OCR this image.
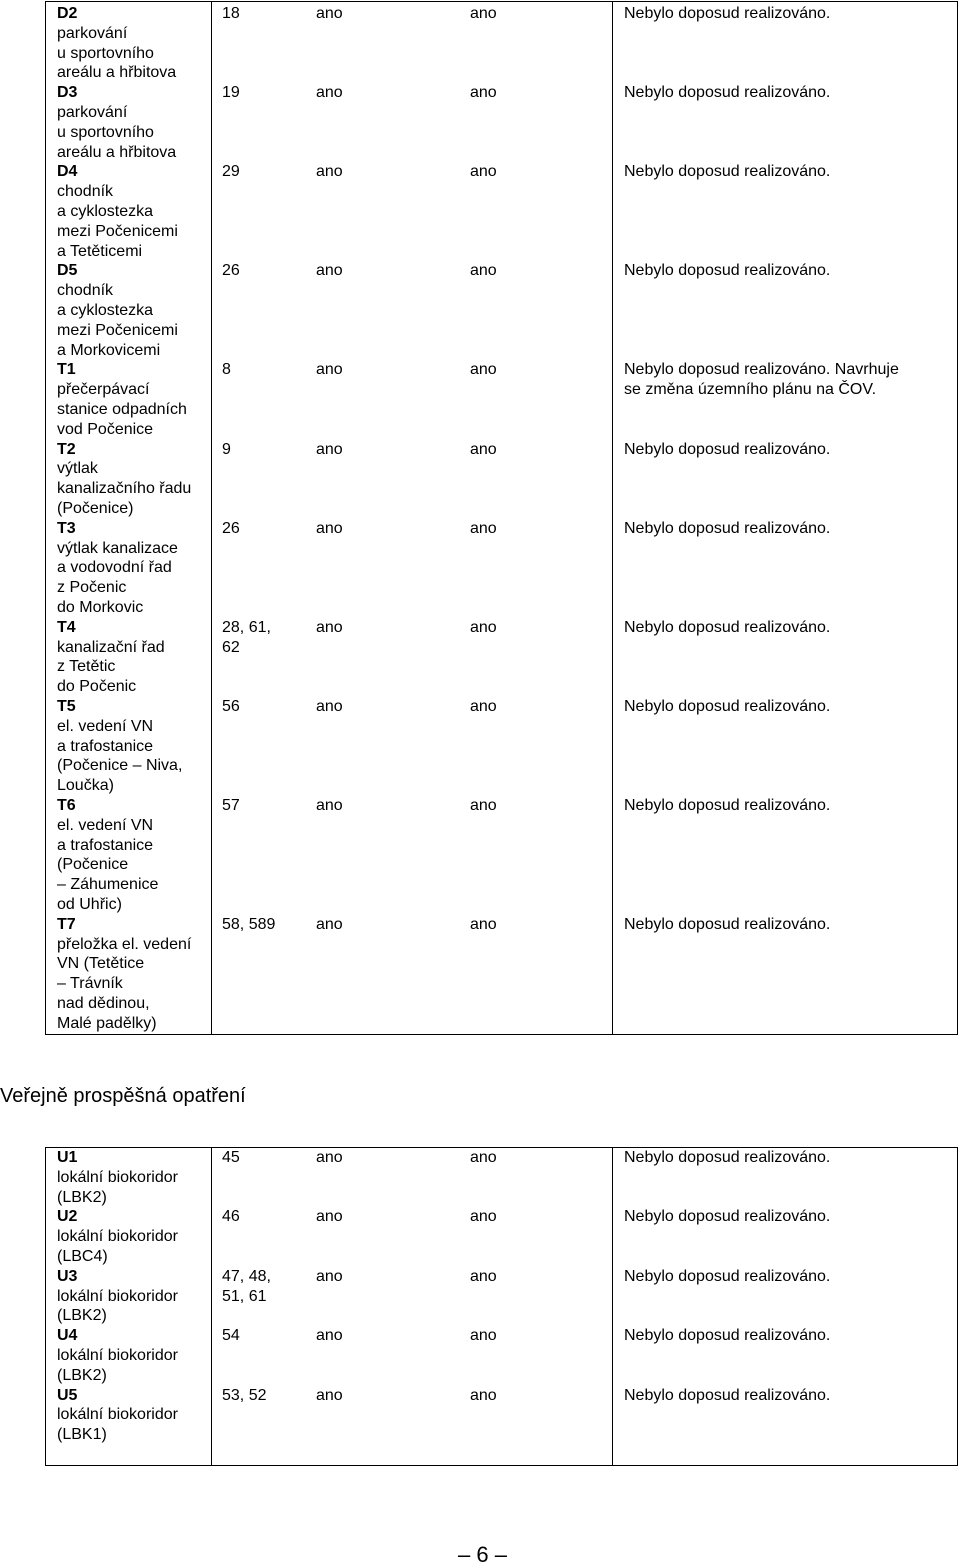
D2
parkování
u sportovního
areálu a hřbitova
18	ano	ano	Nebylo doposud realizováno.
D3
parkování
u sportovního
areálu a hřbitova
19	ano	ano	Nebylo doposud realizováno.
D4
chodník
a cyklostezka
mezi Počenicemi
a Tetěticemi
29	ano	ano	Nebylo doposud realizováno.
D5
chodník
a cyklostezka
mezi Počenicemi
a Morkovicemi
26	ano	ano	Nebylo doposud realizováno.
T1
přečerpávací
stanice odpadních
vod Počenice
8	ano	ano	Nebylo doposud realizováno. Navrhuje
se změna územního plánu na ČOV.
T2
výtlak
kanalizačního řadu
(Počenice)
9	ano	ano	Nebylo doposud realizováno.
T3
výtlak kanalizace
a vodovodní řad
z Počenic
do Morkovic
26	ano	ano	Nebylo doposud realizováno.
T4
kanalizační řad
z Tetětic
do Počenic
28, 61,
62
ano	ano	Nebylo doposud realizováno.
T5
el. vedení VN
a trafostanice
(Počenice – Niva,
Loučka)
56	ano	ano	Nebylo doposud realizováno.
T6
el. vedení VN
a trafostanice
(Počenice
– Záhumenice
od Uhřic)
57	ano	ano	Nebylo doposud realizováno.
T7
přeložka el. vedení
VN (Tetětice
– Trávník
nad dědinou,
Malé padělky)
58, 589	ano	ano	Nebylo doposud realizováno.
Veřejně prospěšná opatření
U1
lokální biokoridor
(LBK2)
45	ano	ano	Nebylo doposud realizováno.
U2
lokální biokoridor
(LBC4)
46	ano	ano	Nebylo doposud realizováno.
U3
lokální biokoridor
(LBK2)
47, 48,
51, 61
ano	ano	Nebylo doposud realizováno.
U4
lokální biokoridor
(LBK2)
54	ano	ano	Nebylo doposud realizováno.
U5
lokální biokoridor
(LBK1)
53, 52	ano	ano	Nebylo doposud realizováno.
– 6 –
